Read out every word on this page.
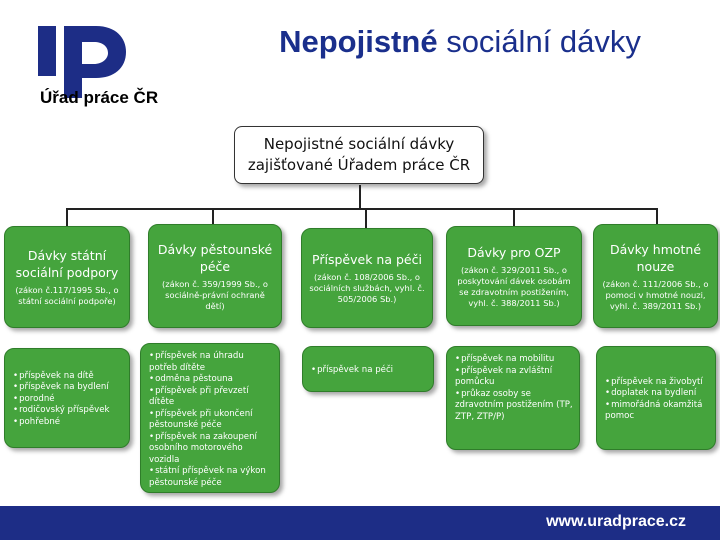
Úřad práce ČR
Nepojistné sociální dávky
Nepojistné sociální dávky
zajišťované Úřadem práce ČR
Dávky státní sociální podpory
(zákon č.117/1995 Sb., o státní sociální podpoře)
• příspěvek na dítě
• příspěvek na bydlení
• porodné
• rodičovský příspěvek
• pohřebné
Dávky pěstounské péče
(zákon č. 359/1999 Sb., o sociálně-právní ochraně dětí)
• příspěvek na úhradu potřeb dítěte
• odměna pěstouna
• příspěvek při převzetí dítěte
• příspěvek při ukončení pěstounské péče
• příspěvek na zakoupení osobního motorového vozidla
• státní příspěvek na výkon pěstounské péče
Příspěvek na péči
(zákon č. 108/2006 Sb., o sociálních službách, vyhl. č. 505/2006 Sb.)
• příspěvek na péči
Dávky pro OZP
(zákon č. 329/2011 Sb., o poskytování dávek osobám se zdravotním postižením, vyhl. č. 388/2011 Sb.)
• příspěvek na mobilitu
• příspěvek na zvláštní pomůcku
• průkaz osoby se zdravotním postižením (TP, ZTP, ZTP/P)
Dávky hmotné nouze
(zákon č. 111/2006 Sb., o pomoci v hmotné nouzi, vyhl. č. 389/2011 Sb.)
• příspěvek na živobytí
• doplatek na bydlení
• mimořádná okamžitá pomoc
www.uradprace.cz
